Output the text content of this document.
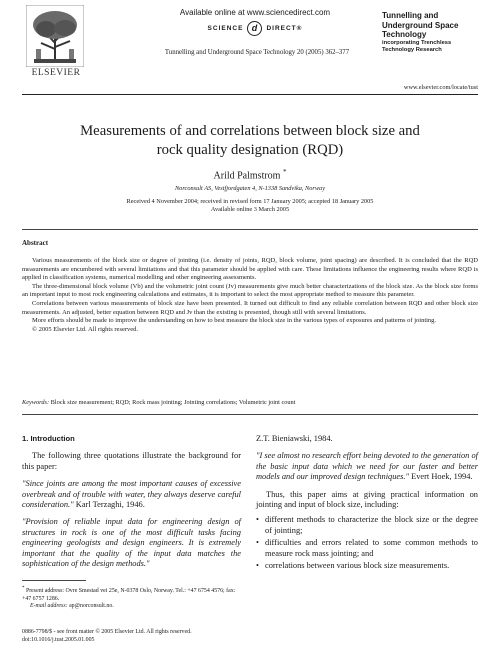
ELSEVIER
Available online at www.sciencedirect.com
SCIENCE d	DIRECT®
Tunnelling and Underground Space Technology 20 (2005) 362–377
Tunnelling and
Underground Space
Technology
incorporating Trenchless
Technology Research
www.elsevier.com/locate/tust
Measurements of and correlations between block size and
rock quality designation (RQD)
Arild Palmstrom *
Norconsult AS, Vestfjordgaten 4, N-1338 Sandvika, Norway
Received 4 November 2004; received in revised form 17 January 2005; accepted 18 January 2005
Available online 3 March 2005
Abstract

Various measurements of the block size or degree of jointing (i.e. density of joints, RQD, block volume, joint spacing) are described. It is concluded that the RQD measurements are encumbered with several limitations and that this parameter should be applied with care. These limitations influence the engineering results where RQD is applied in classification systems, numerical modelling and other engineering assessments.

The three-dimensional block volume (Vb) and the volumetric joint count (Jv) measurements give much better characterizations of the block size. As the block size forms an important input to most rock engineering calculations and estimates, it is important to select the most appropriate method to measure this parameter.

Correlations between various measurements of block size have been presented. It turned out difficult to find any reliable correlation between RQD and other block size measurements. An adjusted, better equation between RQD and Jv than the existing is presented, though still with several limitations.

More efforts should be made to improve the understanding on how to best measure the block size in the various types of exposures and patterns of jointing.

© 2005 Elsevier Ltd. All rights reserved.

Keywords: Block size measurement; RQD; Rock mass jointing; Jointing correlations; Volumetric joint count

1. Introduction

The following three quotations illustrate the background for this paper:

"Since joints are among the most important causes of excessive overbreak and of trouble with water, they always deserve careful consideration." Karl Terzaghi, 1946.

"Provision of reliable input data for engineering design of structures in rock is one of the most difficult tasks facing engineering geologists and design engineers. It is extremely important that the quality of the input data matches the sophistication of the design methods."

Z.T. Bieniawski, 1984.

"I see almost no research effort being devoted to the generation of the basic input data which we need for our faster and better models and our improved design techniques." Evert Hoek, 1994.

Thus, this paper aims at giving practical information on jointing and input of block size, including:

• different methods to characterize the block size or the degree of jointing;
• difficulties and errors related to some common methods to measure rock mass jointing; and
• correlations between various block size measurements.
* Present address: Ovre Smestad vei 25e, N-0378 Oslo, Norway. Tel.: +47 6754 4576; fax: +47 6757 1286.
E-mail address: ap@norconsult.no.
0886-7798/$ - see front matter © 2005 Elsevier Ltd. All rights reserved.
doi:10.1016/j.tust.2005.01.005
